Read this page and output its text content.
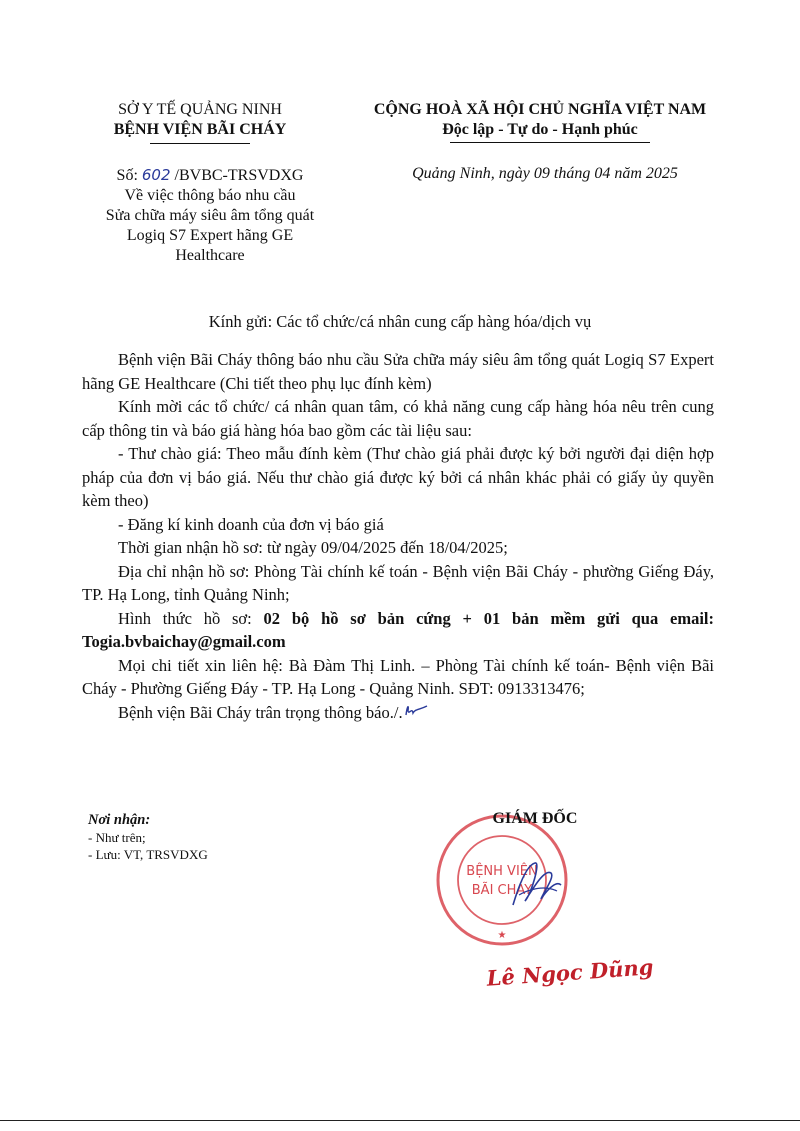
SỞ Y TẾ QUẢNG NINH
BỆNH VIỆN BÃI CHÁY
CỘNG HOÀ XÃ HỘI CHỦ NGHĨA VIỆT NAM
Độc lập - Tự do - Hạnh phúc
Số: 602 /BVBC-TRSVDXG
Về việc thông báo nhu cầu
Sửa chữa máy siêu âm tổng quát
Logiq S7 Expert hãng GE
Healthcare
Quảng Ninh, ngày 09 tháng 04 năm 2025
Kính gửi: Các tổ chức/cá nhân cung cấp hàng hóa/dịch vụ

Bệnh viện Bãi Cháy thông báo nhu cầu Sửa chữa máy siêu âm tổng quát Logiq S7 Expert hãng GE Healthcare (Chi tiết theo phụ lục đính kèm)

Kính mời các tổ chức/ cá nhân quan tâm, có khả năng cung cấp hàng hóa nêu trên cung cấp thông tin và báo giá hàng hóa bao gồm các tài liệu sau:

- Thư chào giá: Theo mẫu đính kèm (Thư chào giá phải được ký bởi người đại diện hợp pháp của đơn vị báo giá. Nếu thư chào giá được ký bởi cá nhân khác phải có giấy ủy quyền kèm theo)

- Đăng kí kinh doanh của đơn vị báo giá

Thời gian nhận hồ sơ: từ ngày 09/04/2025 đến 18/04/2025;

Địa chỉ nhận hồ sơ: Phòng Tài chính kế toán - Bệnh viện Bãi Cháy - phường Giếng Đáy, TP. Hạ Long, tỉnh Quảng Ninh;

Hình thức hồ sơ: 02 bộ hồ sơ bản cứng + 01 bản mềm gửi qua email: Togia.bvbaichay@gmail.com

Mọi chi tiết xin liên hệ: Bà Đàm Thị Linh. – Phòng Tài chính kế toán- Bệnh viện Bãi Cháy - Phường Giếng Đáy - TP. Hạ Long - Quảng Ninh. SĐT: 0913313476;

Bệnh viện Bãi Cháy trân trọng thông báo./.

Nơi nhận:
- Như trên;
- Lưu: VT, TRSVDXG
BỆNH VIỆN
BÃI CHÁY
★
GIÁM ĐỐC
Lê Ngọc Dũng
